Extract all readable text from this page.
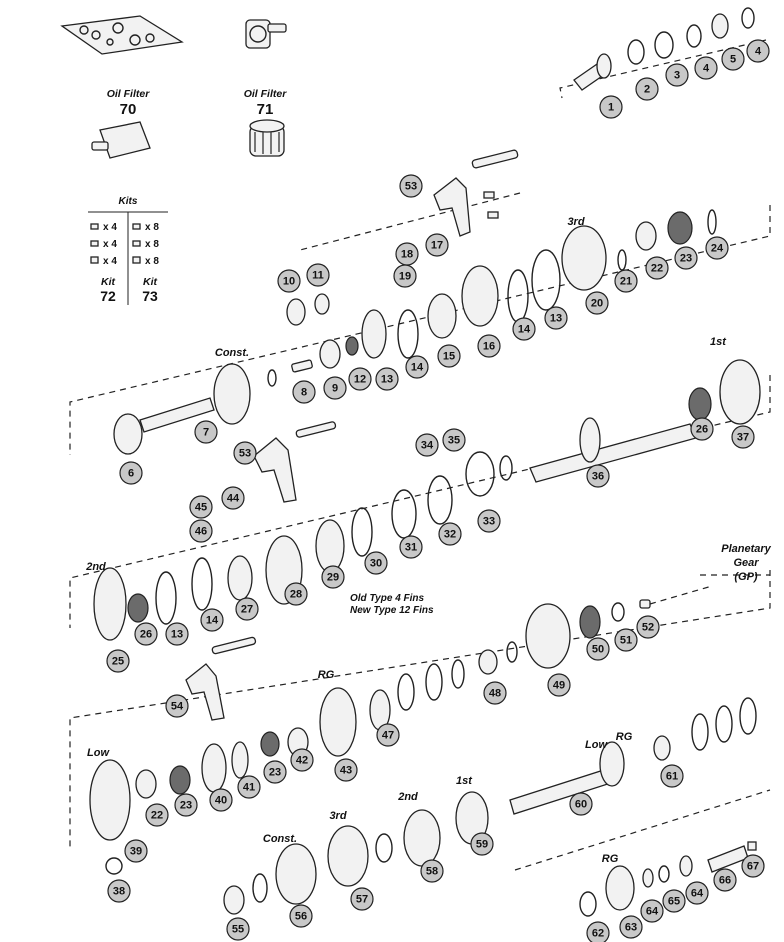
Oil Filter
70
Oil Filter
71
Kits
x 4
x 4
x 4
x 8
x 8
x 8
Kit
72
Kit
73
3rd
Const.
1st
2nd
Planetary
Gear
(GP)
Old Type 4 Fins
New Type 12 Fins
RG
Low
Low
RG
Const.
3rd
2nd
1st
RG
1
2
3
4
5
4
53
18
17
19
10 11
24
23
22
21
20
13
14
16
15
14
13
12
9
8
7
6
53
34 35
26
37
36
33
32
31
30
29
45
44
46
28
27
14
13
26
25
52
51
50
49
48
47
54
43
42
23
41
40
23
22
39
38
61
60
59
58
57
56
55
67
66
65
64
64
63
62
